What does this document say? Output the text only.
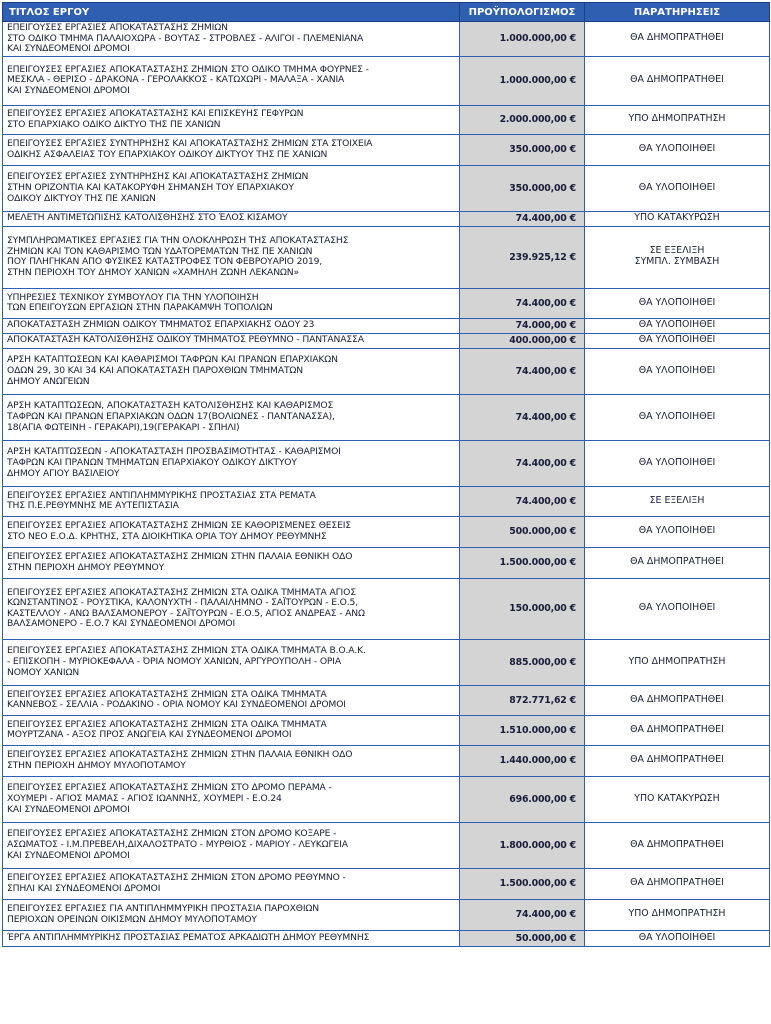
ΤΙΤΛΟΣ ΕΡΓΟΥ	ΠΡΟΫΠΟΛΟΓΙΣΜΟΣ	ΠΑΡΑΤΗΡΗΣΕΙΣ
ΕΠΕΙΓΟΥΣΕΣ ΕΡΓΑΣΙΕΣ ΑΠΟΚΑΤΑΣΤΑΣΗΣ ΖΗΜΙΩΝ
ΣΤΟ ΟΔΙΚΟ ΤΜΗΜΑ ΠΑΛΑΙΟΧΩΡΑ - ΒΟΥΤΑΣ - ΣΤΡΟΒΛΕΣ - ΑΛΙΓΟΙ - ΠΛΕΜΕΝΙΑΝΑ
ΚΑΙ ΣΥΝΔΕΟΜΕΝΟΙ ΔΡΟΜΟΙ	1.000.000,00 €	ΘΑ ΔΗΜΟΠΡΑΤΗΘΕΙ
ΕΠΕΙΓΟΥΣΕΣ ΕΡΓΑΣΙΕΣ ΑΠΟΚΑΤΑΣΤΑΣΗΣ ΖΗΜΙΩΝ ΣΤΟ ΟΔΙΚΟ ΤΜΗΜΑ ΦΟΥΡΝΕΣ -
ΜΕΣΚΛΑ - ΘΕΡΙΣΟ - ΔΡΑΚΟΝΑ - ΓΕΡΟΛΑΚΚΟΣ - ΚΑΤΩΧΩΡΙ - ΜΑΛΑΞΑ - ΧΑΝΙΑ
ΚΑΙ ΣΥΝΔΕΟΜΕΝΟΙ ΔΡΟΜΟΙ	1.000.000,00 €	ΘΑ ΔΗΜΟΠΡΑΤΗΘΕΙ
ΕΠΕΙΓΟΥΣΕΣ ΕΡΓΑΣΙΕΣ ΑΠΟΚΑΤΑΣΤΑΣΗΣ ΚΑΙ ΕΠΙΣΚΕΥΗΣ ΓΕΦΥΡΩΝ
ΣΤΟ ΕΠΑΡΧΙΑΚΟ ΟΔΙΚΟ ΔΙΚΤΥΟ ΤΗΣ ΠΕ ΧΑΝΙΩΝ	2.000.000,00 €	ΥΠΟ ΔΗΜΟΠΡΑΤΗΣΗ
ΕΠΕΙΓΟΥΣΕΣ ΕΡΓΑΣΙΕΣ ΣΥΝΤΗΡΗΣΗΣ ΚΑΙ ΑΠΟΚΑΤΑΣΤΑΣΗΣ ΖΗΜΙΩΝ ΣΤΑ ΣΤΟΙΧΕΙΑ
ΟΔΙΚΗΣ ΑΣΦΑΛΕΙΑΣ ΤΟΥ ΕΠΑΡΧΙΑΚΟΥ ΟΔΙΚΟΥ ΔΙΚΤΥΟΥ ΤΗΣ ΠΕ ΧΑΝΙΩΝ	350.000,00 €	ΘΑ ΥΛΟΠΟΙΗΘΕΙ
ΕΠΕΙΓΟΥΣΕΣ ΕΡΓΑΣΙΕΣ ΣΥΝΤΗΡΗΣΗΣ ΚΑΙ ΑΠΟΚΑΤΑΣΤΑΣΗΣ ΖΗΜΙΩΝ
ΣΤΗΝ ΟΡΙΖΟΝΤΙΑ ΚΑΙ ΚΑΤΑΚΟΡΥΦΗ ΣΗΜΑΝΣΗ ΤΟΥ ΕΠΑΡΧΙΑΚΟΥ
ΟΔΙΚΟΥ ΔΙΚΤΥΟΥ ΤΗΣ ΠΕ ΧΑΝΙΩΝ	350.000,00 €	ΘΑ ΥΛΟΠΟΙΗΘΕΙ
ΜΕΛΕΤΗ ΑΝΤΙΜΕΤΩΠΙΣΗΣ ΚΑΤΟΛΙΣΘΗΣΗΣ ΣΤΟ ΈΛΟΣ ΚΙΣΑΜΟΥ	74.400,00 €	ΥΠΟ ΚΑΤΑΚΥΡΩΣΗ
ΣΥΜΠΛΗΡΩΜΑΤΙΚΕΣ ΕΡΓΑΣΙΕΣ ΓΙΑ ΤΗΝ ΟΛΟΚΛΗΡΩΣΗ ΤΗΣ ΑΠΟΚΑΤΑΣΤΑΣΗΣ
ΖΗΜΙΩΝ ΚΑΙ ΤΟΝ ΚΑΘΑΡΙΣΜΟ ΤΩΝ ΥΔΑΤΟΡΕΜΑΤΩΝ ΤΗΣ ΠΕ ΧΑΝΙΩΝ
ΠΟΥ ΠΛΗΓΗΚΑΝ ΑΠΟ ΦΥΣΙΚΕΣ ΚΑΤΑΣΤΡΟΦΕΣ ΤΟΝ ΦΕΒΡΟΥΑΡΙΟ 2019,
ΣΤΗΝ ΠΕΡΙΟΧΗ ΤΟΥ ΔΗΜΟΥ ΧΑΝΙΩΝ «ΧΑΜΗΛΗ ΖΩΝΗ ΛΕΚΑΝΩΝ»	239.925,12 €	ΣΕ ΕΞΕΛΙΞΗ
ΣΥΜΠΛ. ΣΥΜΒΑΣΗ
ΥΠΗΡΕΣΙΕΣ ΤΕΧΝΙΚΟΥ ΣΥΜΒΟΥΛΟΥ ΓΙΑ ΤΗΝ ΥΛΟΠΟΙΗΣΗ
ΤΩΝ ΕΠΕΙΓΟΥΣΩΝ ΕΡΓΑΣΙΩΝ ΣΤΗΝ ΠΑΡΑΚΑΜΨΗ ΤΟΠΟΛΙΩΝ	74.400,00 €	ΘΑ ΥΛΟΠΟΙΗΘΕΙ
ΑΠΟΚΑΤΑΣΤΑΣΗ ΖΗΜΙΩΝ ΟΔΙΚΟΥ ΤΜΗΜΑΤΟΣ ΕΠΑΡΧΙΑΚΗΣ ΟΔΟΥ 23	74.000,00 €	ΘΑ ΥΛΟΠΟΙΗΘΕΙ
ΑΠΟΚΑΤΑΣΤΑΣΗ ΚΑΤΟΛΙΣΘΗΣΗΣ ΟΔΙΚΟΥ ΤΜΗΜΑΤΟΣ ΡΕΘΥΜΝΟ - ΠΑΝΤΑΝΑΣΣΑ	400.000,00 €	ΘΑ ΥΛΟΠΟΙΗΘΕΙ
ΑΡΣΗ ΚΑΤΑΠΤΩΣΕΩΝ ΚΑΙ ΚΑΘΑΡΙΣΜΟΙ ΤΑΦΡΩΝ ΚΑΙ ΠΡΑΝΩΝ ΕΠΑΡΧΙΑΚΩΝ
ΟΔΩΝ 29, 30 ΚΑΙ 34 ΚΑΙ ΑΠΟΚΑΤΑΣΤΑΣΗ ΠΑΡΟΧΘΙΩΝ ΤΜΗΜΑΤΩΝ
ΔΗΜΟΥ ΑΝΩΓΕΙΩΝ	74.400,00 €	ΘΑ ΥΛΟΠΟΙΗΘΕΙ
ΑΡΣΗ ΚΑΤΑΠΤΩΣΕΩΝ, ΑΠΟΚΑΤΑΣΤΑΣΗ ΚΑΤΟΛΙΣΘΗΣΗΣ ΚΑΙ ΚΑΘΑΡΙΣΜΟΣ
ΤΑΦΡΩΝ ΚΑΙ ΠΡΑΝΩΝ ΕΠΑΡΧΙΑΚΩΝ ΟΔΩΝ 17(ΒΟΛΙΩΝΕΣ - ΠΑΝΤΑΝΑΣΣΑ),
18(ΑΓΙΑ ΦΩΤΕΙΝΗ - ΓΕΡΑΚΑΡΙ),19(ΓΕΡΑΚΑΡΙ - ΣΠΗΛΙ)	74.400,00 €	ΘΑ ΥΛΟΠΟΙΗΘΕΙ
ΑΡΣΗ ΚΑΤΑΠΤΩΣΕΩΝ - ΑΠΟΚΑΤΑΣΤΑΣΗ ΠΡΟΣΒΑΣΙΜΟΤΗΤΑΣ - ΚΑΘΑΡΙΣΜΟΙ
ΤΑΦΡΩΝ ΚΑΙ ΠΡΑΝΩΝ ΤΜΗΜΑΤΩΝ ΕΠΑΡΧΙΑΚΟΥ ΟΔΙΚΟΥ ΔΙΚΤΥΟΥ
ΔΗΜΟΥ ΑΓΙΟΥ ΒΑΣΙΛΕΙΟΥ	74.400,00 €	ΘΑ ΥΛΟΠΟΙΗΘΕΙ
ΕΠΕΙΓΟΥΣΕΣ ΕΡΓΑΣΙΕΣ ΑΝΤΙΠΛΗΜΜΥΡΙΚΗΣ ΠΡΟΣΤΑΣΙΑΣ ΣΤΑ ΡΕΜΑΤΑ
ΤΗΣ Π.Ε.ΡΕΘΥΜΝΗΣ ΜΕ ΑΥΤΕΠΙΣΤΑΣΙΑ	74.400,00 €	ΣΕ ΕΞΕΛΙΞΗ
ΕΠΕΙΓΟΥΣΕΣ ΕΡΓΑΣΙΕΣ ΑΠΟΚΑΤΑΣΤΑΣΗΣ ΖΗΜΙΩΝ ΣΕ ΚΑΘΟΡΙΣΜΕΝΕΣ ΘΕΣΕΙΣ
ΣΤΟ ΝΕΟ Ε.Ο.Δ. ΚΡΗΤΗΣ, ΣΤΑ ΔΙΟΙΚΗΤΙΚΑ ΟΡΙΑ ΤΟΥ ΔΗΜΟΥ ΡΕΘΥΜΝΗΣ	500.000,00 €	ΘΑ ΥΛΟΠΟΙΗΘΕΙ
ΕΠΕΙΓΟΥΣΕΣ ΕΡΓΑΣΙΕΣ ΑΠΟΚΑΤΑΣΤΑΣΗΣ ΖΗΜΙΩΝ ΣΤΗΝ ΠΑΛΑΙΑ ΕΘΝΙΚΗ ΟΔΟ
ΣΤΗΝ ΠΕΡΙΟΧΗ ΔΗΜΟΥ ΡΕΘΥΜΝΟΥ	1.500.000,00 €	ΘΑ ΔΗΜΟΠΡΑΤΗΘΕΙ
ΕΠΕΙΓΟΥΣΕΣ ΕΡΓΑΣΙΕΣ ΑΠΟΚΑΤΑΣΤΑΣΗΣ ΖΗΜΙΩΝ ΣΤΑ ΟΔΙΚΑ ΤΜΗΜΑΤΑ ΑΓΙΟΣ
ΚΩΝΣΤΑΝΤΙΝΟΣ - ΡΟΥΣΤΙΚΑ, ΚΑΛΟΝΥΧΤΗ - ΠΑΛΑΙΛΗΜΝΟ - ΣΑΪΤΟΥΡΩΝ - Ε.Ο.5,
ΚΑΣΤΕΛΛΟΥ - ΑΝΩ ΒΑΛΣΑΜΟΝΕΡΟΥ - ΣΑΪΤΟΥΡΩΝ - Ε.Ο.5, ΑΓΙΟΣ ΑΝΔΡΕΑΣ - ΑΝΩ
ΒΑΛΣΑΜΟΝΕΡΟ - Ε.Ο.7 ΚΑΙ ΣΥΝΔΕΟΜΕΝΟΙ ΔΡΟΜΟΙ	150.000,00 €	ΘΑ ΥΛΟΠΟΙΗΘΕΙ
ΕΠΕΙΓΟΥΣΕΣ ΕΡΓΑΣΙΕΣ ΑΠΟΚΑΤΑΣΤΑΣΗΣ ΖΗΜΙΩΝ ΣΤΑ ΟΔΙΚΑ ΤΜΗΜΑΤΑ Β.Ο.Α.Κ.
- ΕΠΙΣΚΟΠΗ - ΜΥΡΙΟΚΕΦΑΛΑ - ΌΡΙΑ ΝΟΜΟΥ ΧΑΝΙΩΝ, ΑΡΓΥΡΟΥΠΟΛΗ - ΟΡΙΑ
ΝΟΜΟΥ ΧΑΝΙΩΝ	885.000,00 €	ΥΠΟ ΔΗΜΟΠΡΑΤΗΣΗ
ΕΠΕΙΓΟΥΣΕΣ ΕΡΓΑΣΙΕΣ ΑΠΟΚΑΤΑΣΤΑΣΗΣ ΖΗΜΙΩΝ ΣΤΑ ΟΔΙΚΑ ΤΜΗΜΑΤΑ
ΚΑΝΝΕΒΟΣ - ΣΕΛΛΙΑ - ΡΟΔΑΚΙΝΟ - ΟΡΙΑ ΝΟΜΟΥ ΚΑΙ ΣΥΝΔΕΟΜΕΝΟΙ ΔΡΟΜΟΙ	872.771,62 €	ΘΑ ΔΗΜΟΠΡΑΤΗΘΕΙ
ΕΠΕΙΓΟΥΣΕΣ ΕΡΓΑΣΙΕΣ ΑΠΟΚΑΤΑΣΤΑΣΗΣ ΖΗΜΙΩΝ ΣΤΑ ΟΔΙΚΑ ΤΜΗΜΑΤΑ
ΜΟΥΡΤΖΑΝΑ - ΑΞΟΣ ΠΡΟΣ ΑΝΩΓΕΙΑ ΚΑΙ ΣΥΝΔΕΟΜΕΝΟΙ ΔΡΟΜΟΙ	1.510.000,00 €	ΘΑ ΔΗΜΟΠΡΑΤΗΘΕΙ
ΕΠΕΙΓΟΥΣΕΣ ΕΡΓΑΣΙΕΣ ΑΠΟΚΑΤΑΣΤΑΣΗΣ ΖΗΜΙΩΝ ΣΤΗΝ ΠΑΛΑΙΑ ΕΘΝΙΚΗ ΟΔΟ
ΣΤΗΝ ΠΕΡΙΟΧΗ ΔΗΜΟΥ ΜΥΛΟΠΟΤΑΜΟΥ	1.440.000,00 €	ΘΑ ΔΗΜΟΠΡΑΤΗΘΕΙ
ΕΠΕΙΓΟΥΣΕΣ ΕΡΓΑΣΙΕΣ ΑΠΟΚΑΤΑΣΤΑΣΗΣ ΖΗΜΙΩΝ ΣΤΟ ΔΡΟΜΟ ΠΕΡΑΜΑ -
ΧΟΥΜΕΡΙ - ΑΓΙΟΣ ΜΑΜΑΣ - ΑΓΙΟΣ ΙΩΑΝΝΗΣ, ΧΟΥΜΕΡΙ - Ε.Ο.24
ΚΑΙ ΣΥΝΔΕΟΜΕΝΟΙ ΔΡΟΜΟΙ	696.000,00 €	ΥΠΟ ΚΑΤΑΚΥΡΩΣΗ
ΕΠΕΙΓΟΥΣΕΣ ΕΡΓΑΣΙΕΣ ΑΠΟΚΑΤΑΣΤΑΣΗΣ ΖΗΜΙΩΝ ΣΤΟΝ ΔΡΟΜΟ ΚΟΞΑΡΕ -
ΑΣΩΜΑΤΟΣ - Ι.Μ.ΠΡΕΒΕΛΗ,ΔΙΧΑΛΟΣΤΡΑΤΟ - ΜΥΡΘΙΟΣ - ΜΑΡΙΟΥ - ΛΕΥΚΩΓΕΙΑ
ΚΑΙ ΣΥΝΔΕΟΜΕΝΟΙ ΔΡΟΜΟΙ	1.800.000,00 €	ΘΑ ΔΗΜΟΠΡΑΤΗΘΕΙ
ΕΠΕΙΓΟΥΣΕΣ ΕΡΓΑΣΙΕΣ ΑΠΟΚΑΤΑΣΤΑΣΗΣ ΖΗΜΙΩΝ ΣΤΟΝ ΔΡΟΜΟ ΡΕΘΥΜΝΟ -
ΣΠΗΛΙ ΚΑΙ ΣΥΝΔΕΟΜΕΝΟΙ ΔΡΟΜΟΙ	1.500.000,00 €	ΘΑ ΔΗΜΟΠΡΑΤΗΘΕΙ
ΕΠΕΙΓΟΥΣΕΣ ΕΡΓΑΣΙΕΣ ΓΙΑ ΑΝΤΙΠΛΗΜΜΥΡΙΚΗ ΠΡΟΣΤΑΣΙΑ ΠΑΡΟΧΘΙΩΝ
ΠΕΡΙΟΧΩΝ ΟΡΕΙΝΩΝ ΟΙΚΙΣΜΩΝ ΔΗΜΟΥ ΜΥΛΟΠΟΤΑΜΟΥ	74.400,00 €	ΥΠΟ ΔΗΜΟΠΡΑΤΗΣΗ
ΈΡΓΑ ΑΝΤΙΠΛΗΜΜΥΡΙΚΗΣ ΠΡΟΣΤΑΣΙΑΣ ΡΕΜΑΤΟΣ ΑΡΚΑΔΙΩΤΗ ΔΗΜΟΥ ΡΕΘΥΜΝΗΣ	50.000,00 €	ΘΑ ΥΛΟΠΟΙΗΘΕΙ
